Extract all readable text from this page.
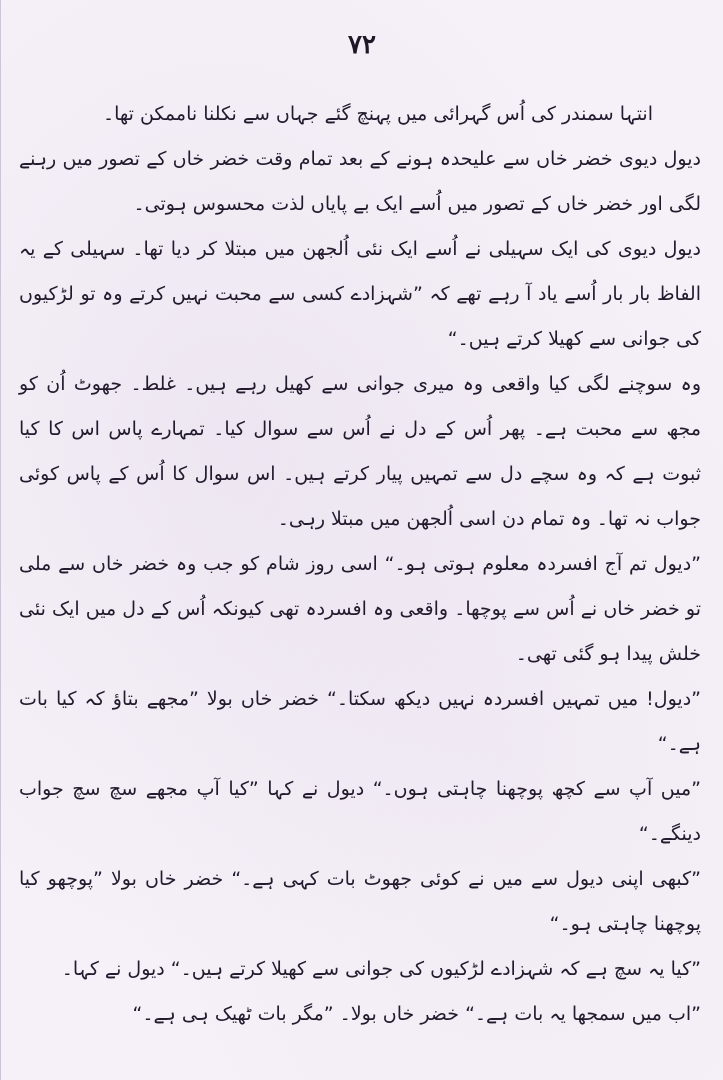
۷۲

انتہا سمندر کی اُس گہرائی میں پہنچ گئے جہاں سے نکلنا ناممکن تھا۔

دیول دیوی خضر خاں سے علیحدہ ہونے کے بعد تمام وقت خضر خاں کے تصور میں رہنے لگی اور خضر خاں کے تصور میں اُسے ایک بے پایاں لذت محسوس ہوتی۔

دیول دیوی کی ایک سہیلی نے اُسے ایک نئی اُلجھن میں مبتلا کر دیا تھا۔ سہیلی کے یہ الفاظ بار بار اُسے یاد آ رہے تھے کہ ”شہزادے کسی سے محبت نہیں کرتے وہ تو لڑکیوں کی جوانی سے کھیلا کرتے ہیں۔“

وہ سوچنے لگی کیا واقعی وہ میری جوانی سے کھیل رہے ہیں۔ غلط۔ جھوٹ اُن کو مجھ سے محبت ہے۔ پھر اُس کے دل نے اُس سے سوال کیا۔ تمہارے پاس اس کا کیا ثبوت ہے کہ وہ سچے دل سے تمہیں پیار کرتے ہیں۔ اس سوال کا اُس کے پاس کوئی جواب نہ تھا۔ وہ تمام دن اسی اُلجھن میں مبتلا رہی۔

”دیول تم آج افسردہ معلوم ہوتی ہو۔“ اسی روز شام کو جب وہ خضر خاں سے ملی تو خضر خاں نے اُس سے پوچھا۔ واقعی وہ افسردہ تھی کیونکہ اُس کے دل میں ایک نئی خلش پیدا ہو گئی تھی۔

”دیول! میں تمہیں افسردہ نہیں دیکھ سکتا۔“ خضر خاں بولا ”مجھے بتاؤ کہ کیا بات ہے۔“

”میں آپ سے کچھ پوچھنا چاہتی ہوں۔“ دیول نے کہا ”کیا آپ مجھے سچ سچ جواب دینگے۔“

”کبھی اپنی دیول سے میں نے کوئی جھوٹ بات کہی ہے۔“ خضر خاں بولا ”پوچھو کیا پوچھنا چاہتی ہو۔“

”کیا یہ سچ ہے کہ شہزادے لڑکیوں کی جوانی سے کھیلا کرتے ہیں۔“ دیول نے کہا۔

”اب میں سمجھا یہ بات ہے۔“ خضر خاں بولا۔ ”مگر بات ٹھیک ہی ہے۔“
